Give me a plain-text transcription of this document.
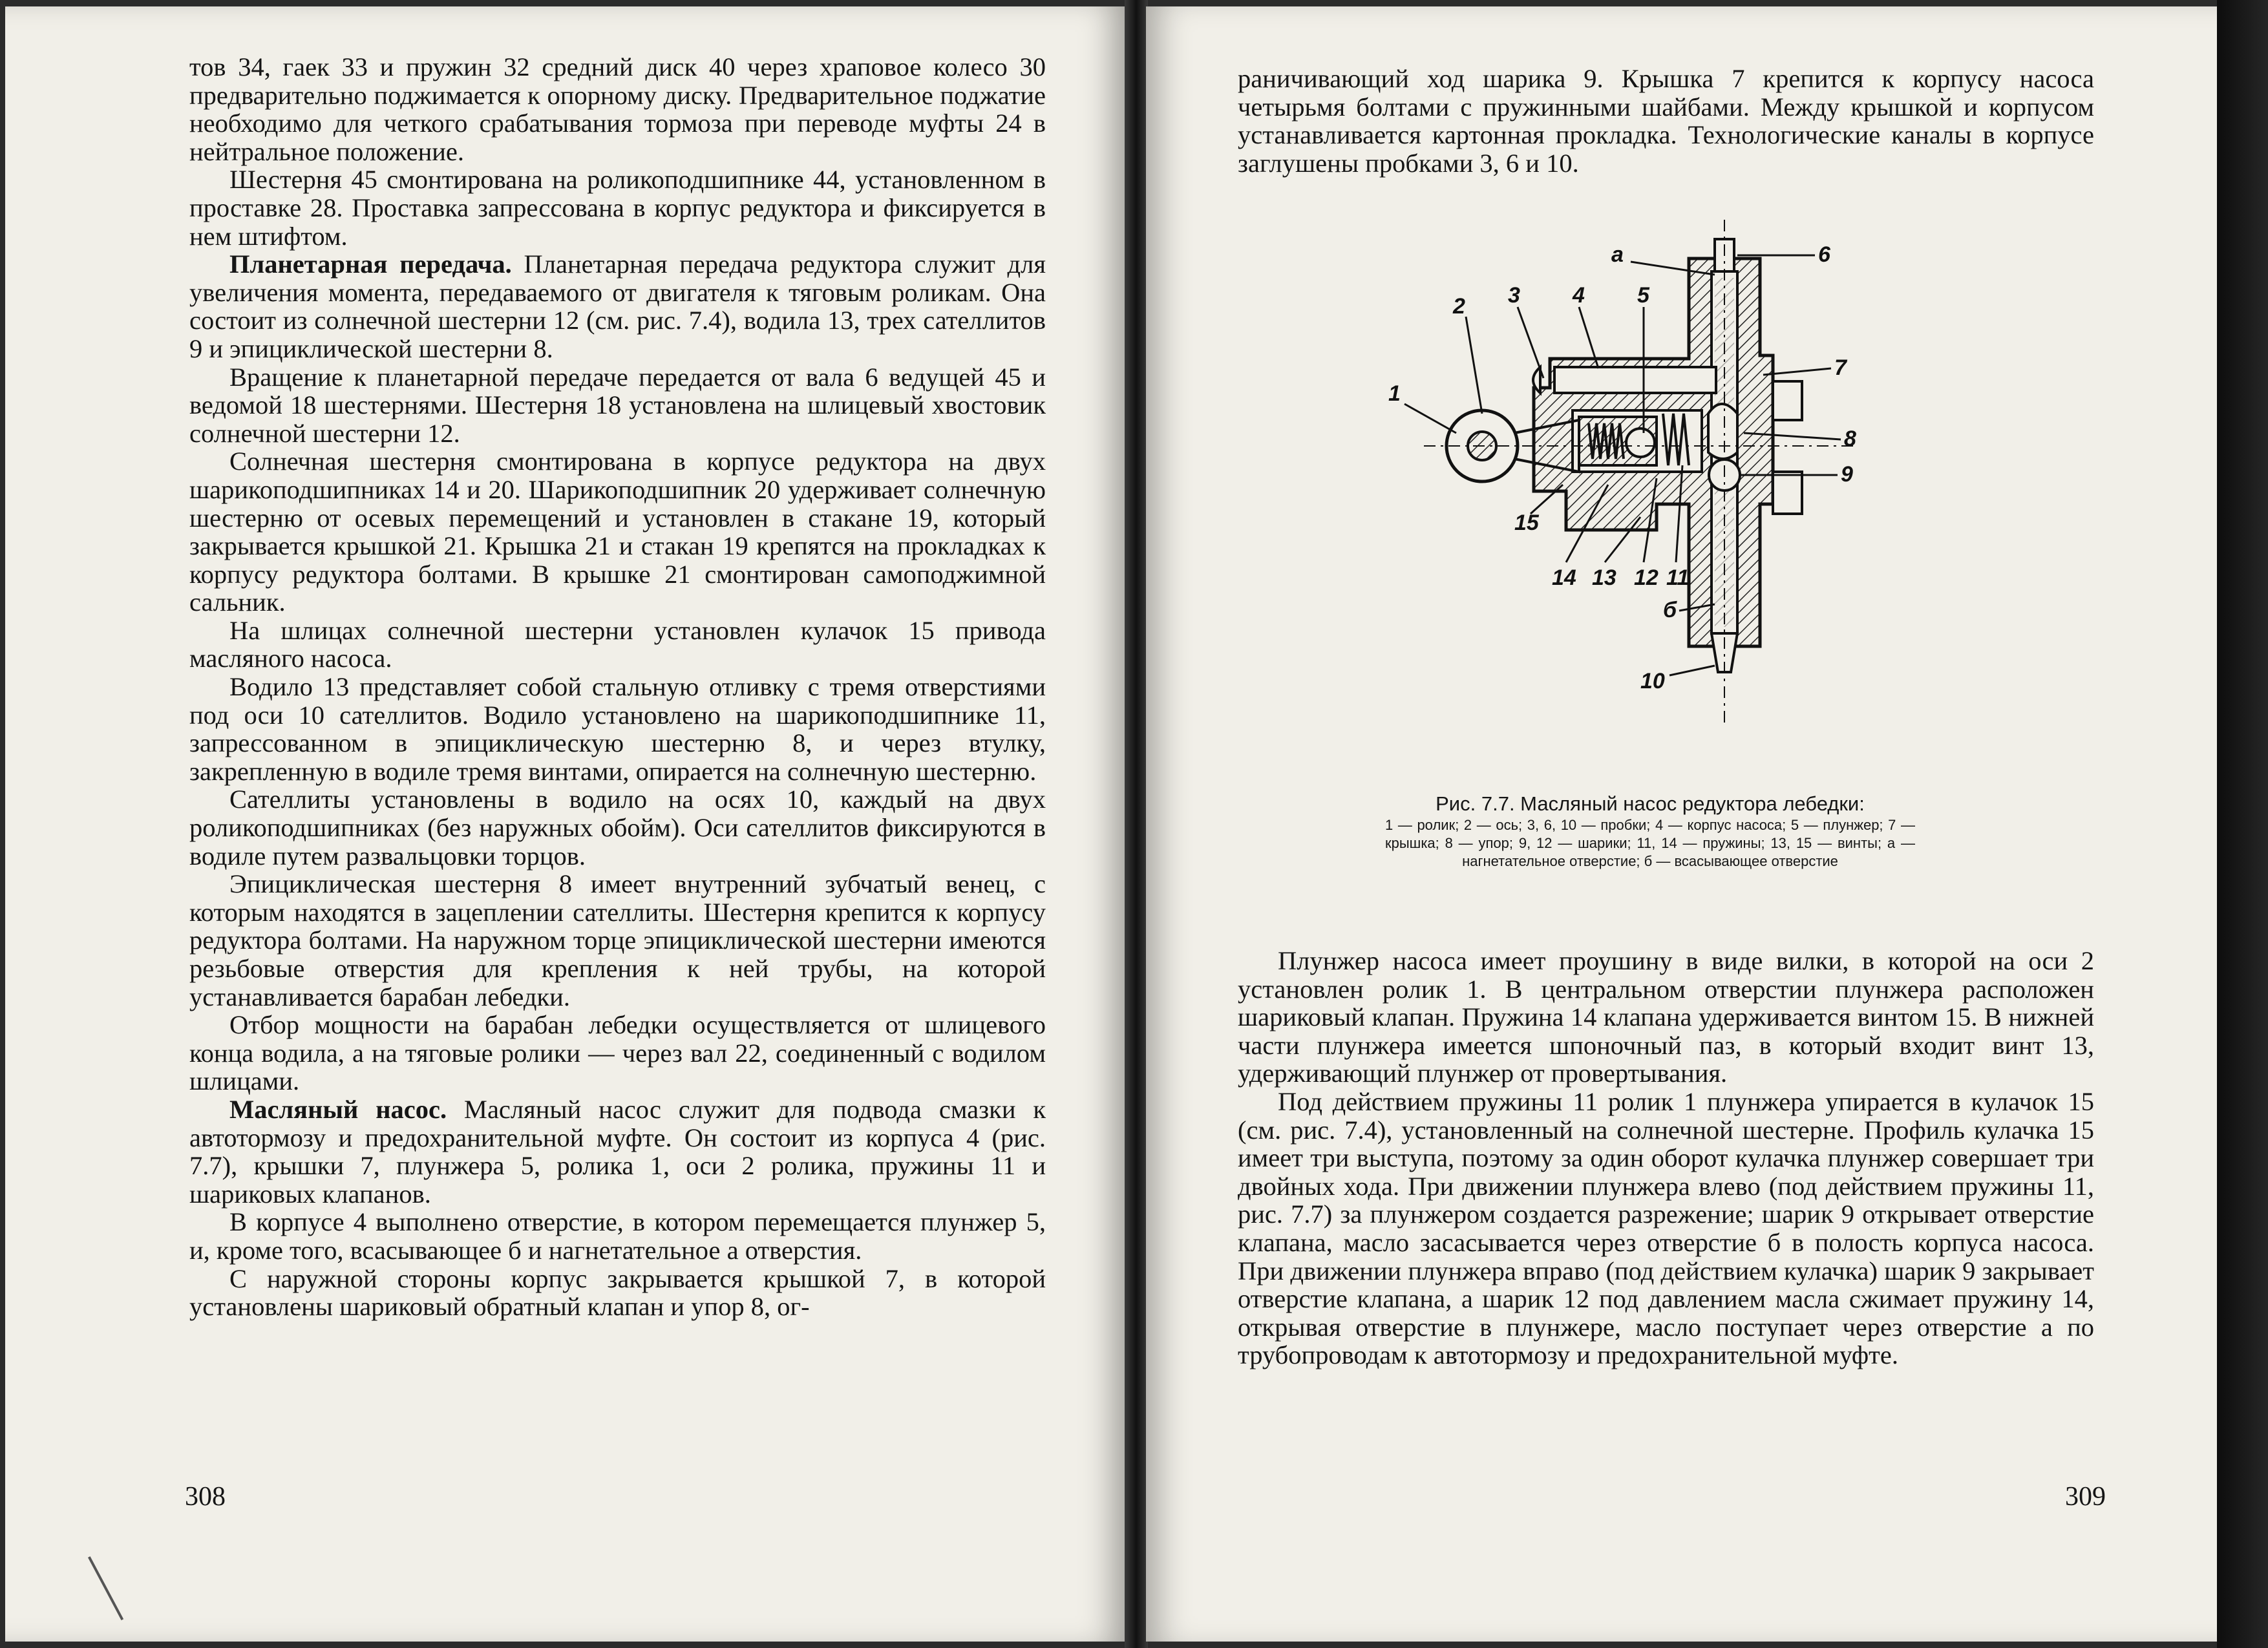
тов 34, гаек 33 и пружин 32 средний диск 40 через храповое колесо 30 предварительно поджимается к опорному диску. Предварительное поджатие необходимо для четкого срабатывания тормоза при переводе муфты 24 в нейтральное положение.

Шестерня 45 смонтирована на роликоподшипнике 44, установленном в проставке 28. Проставка запрессована в корпус редуктора и фиксируется в нем штифтом.

Планетарная передача. Планетарная передача редуктора служит для увеличения момента, передаваемого от двигателя к тяговым роликам. Она состоит из солнечной шестерни 12 (см. рис. 7.4), водила 13, трех сателлитов 9 и эпициклической шестерни 8.

Вращение к планетарной передаче передается от вала 6 ведущей 45 и ведомой 18 шестернями. Шестерня 18 установлена на шлицевый хвостовик солнечной шестерни 12.

Солнечная шестерня смонтирована в корпусе редуктора на двух шарикоподшипниках 14 и 20. Шарикоподшипник 20 удерживает солнечную шестерню от осевых перемещений и установлен в стакане 19, который закрывается крышкой 21. Крышка 21 и стакан 19 крепятся на прокладках к корпусу редуктора болтами. В крышке 21 смонтирован самоподжимной сальник.

На шлицах солнечной шестерни установлен кулачок 15 привода масляного насоса.

Водило 13 представляет собой стальную отливку с тремя отверстиями под оси 10 сателлитов. Водило установлено на шарикоподшипнике 11, запрессованном в эпициклическую шестерню 8, и через втулку, закрепленную в водиле тремя винтами, опирается на солнечную шестерню.

Сателлиты установлены в водило на осях 10, каждый на двух роликоподшипниках (без наружных обойм). Оси сателлитов фиксируются в водиле путем развальцовки торцов.

Эпициклическая шестерня 8 имеет внутренний зубчатый венец, с которым находятся в зацеплении сателлиты. Шестерня крепится к корпусу редуктора болтами. На наружном торце эпициклической шестерни имеются резьбовые отверстия для крепления к ней трубы, на которой устанавливается барабан лебедки.

Отбор мощности на барабан лебедки осуществляется от шлицевого конца водила, а на тяговые ролики — через вал 22, соединенный с водилом шлицами.

Масляный насос. Масляный насос служит для подвода смазки к автотормозу и предохранительной муфте. Он состоит из корпуса 4 (рис. 7.7), крышки 7, плунжера 5, ролика 1, оси 2 ролика, пружины 11 и шариковых клапанов.

В корпусе 4 выполнено отверстие, в котором перемещается плунжер 5, и, кроме того, всасывающее б и нагнетательное а отверстия.

С наружной стороны корпус закрывается крышкой 7, в которой установлены шариковый обратный клапан и упор 8, ог-

308

раничивающий ход шарика 9. Крышка 7 крепится к корпусу насоса четырьмя болтами с пружинными шайбами. Между крышкой и корпусом устанавливается картонная прокладка. Технологические каналы в корпусе заглушены пробками 3, 6 и 10.

1
2 3 4 5
6
7
8
9
10
11
12
13
14
15
a
б
Рис. 7.7. Масляный насос редуктора лебедки:
1 — ролик; 2 — ось; 3, 6, 10 — пробки; 4 — корпус насоса; 5 — плунжер; 7 — крышка; 8 — упор; 9, 12 — шарики; 11, 14 — пружины; 13, 15 — винты; а — нагнетательное отверстие; б — всасывающее отверстие

Плунжер насоса имеет проушину в виде вилки, в которой на оси 2 установлен ролик 1. В центральном отверстии плунжера расположен шариковый клапан. Пружина 14 клапана удерживается винтом 15. В нижней части плунжера имеется шпоночный паз, в который входит винт 13, удерживающий плунжер от провертывания.

Под действием пружины 11 ролик 1 плунжера упирается в кулачок 15 (см. рис. 7.4), установленный на солнечной шестерне. Профиль кулачка 15 имеет три выступа, поэтому за один оборот кулачка плунжер совершает три двойных хода. При движении плунжера влево (под действием пружины 11, рис. 7.7) за плунжером создается разрежение; шарик 9 открывает отверстие клапана, масло засасывается через отверстие б в полость корпуса насоса. При движении плунжера вправо (под действием кулачка) шарик 9 закрывает отверстие клапана, а шарик 12 под давлением масла сжимает пружину 14, открывая отверстие в плунжере, масло поступает через отверстие а по трубопроводам к автотормозу и предохранительной муфте.

309
